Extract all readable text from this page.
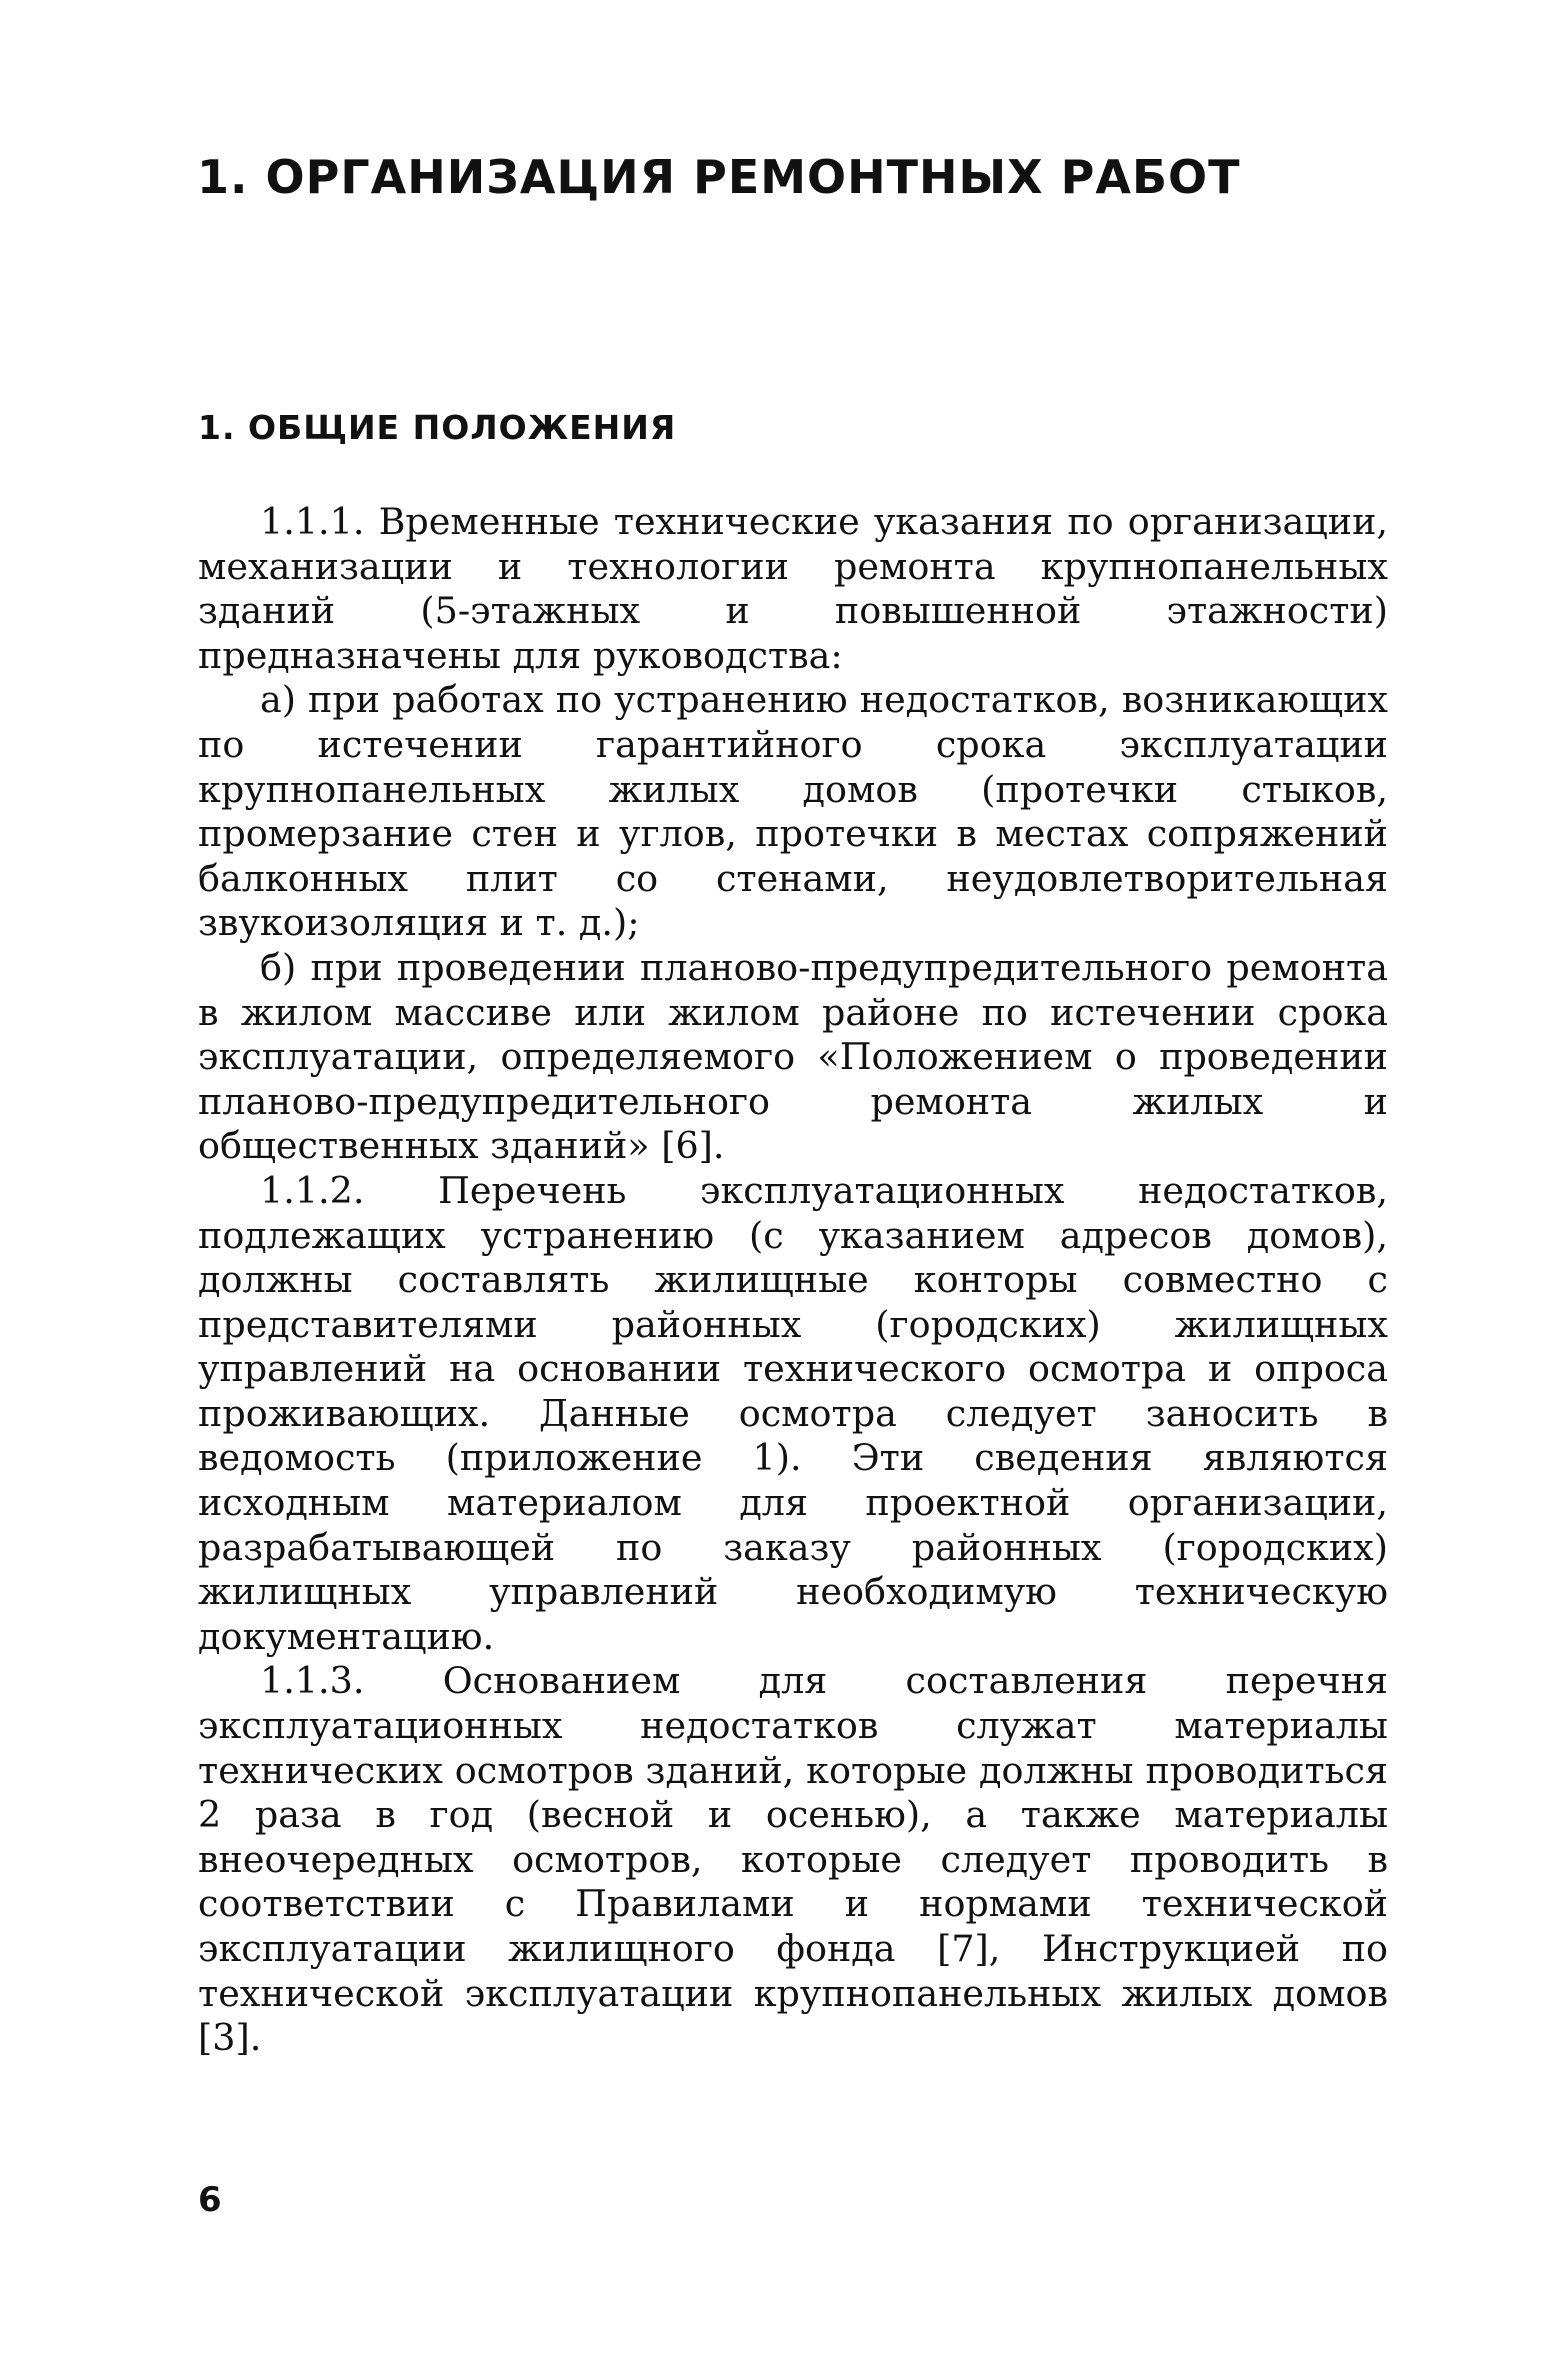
1. ОРГАНИЗАЦИЯ РЕМОНТНЫХ РАБОТ
1. ОБЩИЕ ПОЛОЖЕНИЯ

1.1.1. Временные технические указания по организации, механизации и технологии ремонта крупнопанельных зданий (5-этажных и повышенной этажности) предназначены для руководства:

а) при работах по устранению недостатков, возникающих по истечении гарантийного срока эксплуатации крупнопанельных жилых домов (протечки стыков, промерзание стен и углов, протечки в местах сопряжений балконных плит со стенами, неудовлетворительная звукоизоляция и т. д.);

б) при проведении планово-предупредительного ремонта в жилом массиве или жилом районе по истечении срока эксплуатации, определяемого «Положением о проведении планово-предупредительного ремонта жилых и общественных зданий» [6].

1.1.2. Перечень эксплуатационных недостатков, подлежащих устранению (с указанием адресов домов), должны составлять жилищные конторы совместно с представителями районных (городских) жилищных управлений на основании технического осмотра и опроса проживающих. Данные осмотра следует заносить в ведомость (приложение 1). Эти сведения являются исходным материалом для проектной организации, разрабатывающей по заказу районных (городских) жилищных управлений необходимую техническую документацию.

1.1.3. Основанием для составления перечня эксплуатационных недостатков служат материалы технических осмотров зданий, которые должны проводиться 2 раза в год (весной и осенью), а также материалы внеочередных осмотров, которые следует проводить в соответствии с Правилами и нормами технической эксплуатации жилищного фонда [7], Инструкцией по технической эксплуатации крупнопанельных жилых домов [3].

6
